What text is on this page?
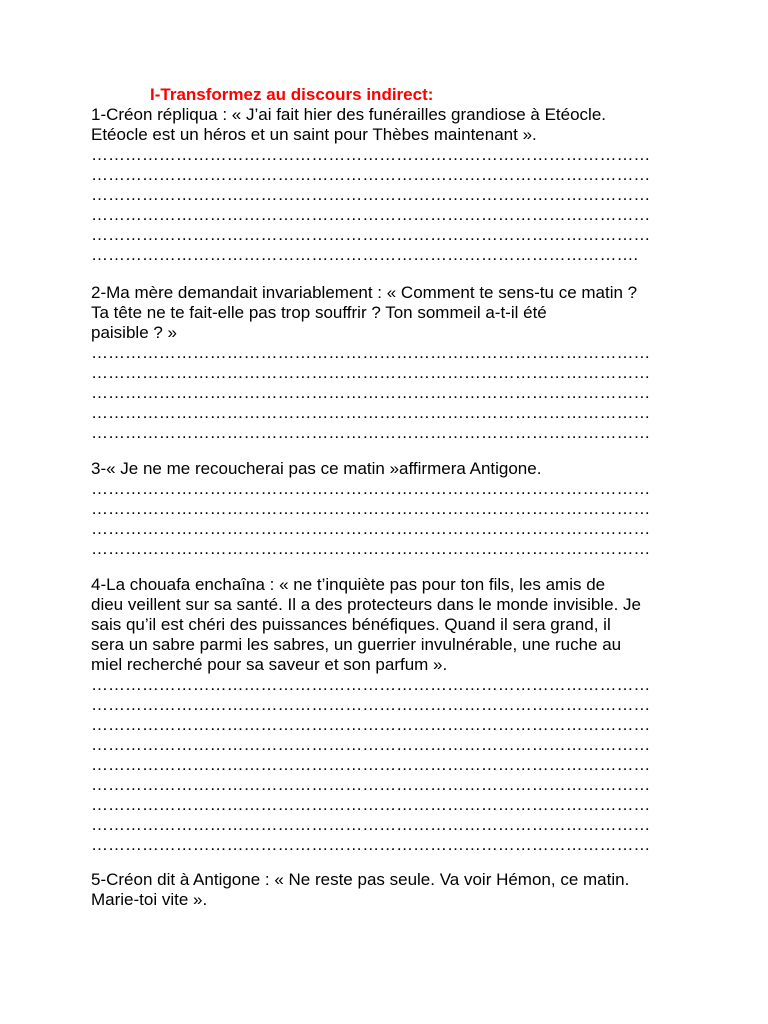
I-Transformez au discours indirect:
1-Créon répliqua : « J’ai fait hier des funérailles grandiose à Etéocle.
Etéocle est un héros et un saint pour Thèbes maintenant ».
………………………………………………………………………………………
………………………………………………………………………………………
………………………………………………………………………………………
………………………………………………………………………………………
………………………………………………………………………………………
…………………………………………………………………………………….
2-Ma mère demandait invariablement : « Comment te sens-tu ce matin ?
Ta tête ne te fait-elle pas trop souffrir ? Ton sommeil a-t-il été
paisible ? »
………………………………………………………………………………………
………………………………………………………………………………………
………………………………………………………………………………………
………………………………………………………………………………………
………………………………………………………………………………………
3-« Je ne me recoucherai pas ce matin »affirmera Antigone.
………………………………………………………………………………………
………………………………………………………………………………………
………………………………………………………………………………………
………………………………………………………………………………………
4-La chouafa enchaîna : « ne t’inquiète pas pour ton fils, les amis de
dieu veillent sur sa santé. Il a des protecteurs dans le monde invisible. Je
sais qu’il est chéri des puissances bénéfiques. Quand il sera grand, il
sera un sabre parmi les sabres, un guerrier invulnérable, une ruche au
miel recherché pour sa saveur et son parfum ».
………………………………………………………………………………………
………………………………………………………………………………………
………………………………………………………………………………………
………………………………………………………………………………………
………………………………………………………………………………………
………………………………………………………………………………………
………………………………………………………………………………………
………………………………………………………………………………………
………………………………………………………………………………………
5-Créon dit à Antigone : « Ne reste pas seule. Va voir Hémon, ce matin.
Marie-toi vite ».
